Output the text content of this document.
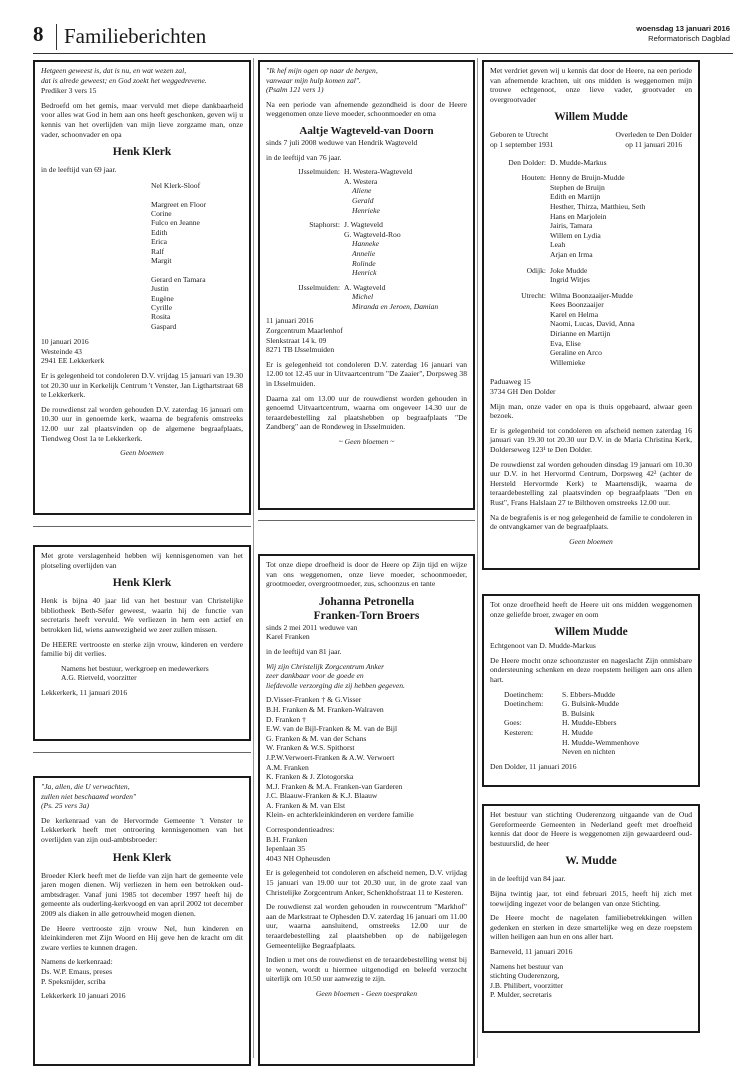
8 Familieberichten	woensdag 13 januari 2016
Reformatorisch Dagblad

Hetgeen geweest is, dat is nu, en wat wezen zal,
dat is alrede geweest; en God zoekt het weggedrevene.

Prediker 3 vers 15

Bedroefd om het gemis, maar vervuld met diepe dankbaarheid voor alles wat God in hem aan ons heeft geschonken, geven wij u kennis van het overlijden van mijn lieve zorgzame man, onze vader, schoonvader en opa

Henk Klerk

in de leeftijd van 69 jaar.

Nel Klerk-Sloof

Margreet en Floor
Corine
Fulco en Jeanne
Edith
Erica
Ralf
Margit

Gerard en Tamara
Justin
Eugène
Cyrille
Rosita
Gaspard

10 januari 2016
Westeinde 43
2941 EE Lekkerkerk

Er is gelegenheid tot condoleren D.V. vrijdag 15 januari van 19.30 tot 20.30 uur in Kerkelijk Centrum 't Venster, Jan Ligthartstraat 68 te Lekkerkerk.

De rouwdienst zal worden gehouden D.V. zaterdag 16 januari om 10.30 uur in genoemde kerk, waarna de begrafenis omstreeks 12.00 uur zal plaatsvinden op de algemene begraafplaats, Tiendweg Oost 1a te Lekkerkerk.

Geen bloemen

"Ik hef mijn ogen op naar de bergen,
vanwaar mijn hulp komen zal".

(Psalm 121 vers 1)

Na een periode van afnemende gezondheid is door de Heere weggenomen onze lieve moeder, schoonmoeder en oma

Aaltje Wagteveld-van Doorn

sinds 7 juli 2008 weduwe van Hendrik Wagteveld

in de leeftijd van 76 jaar.

IJsselmuiden: H. Westera-Wagteveld
A. Westera
Aliene
Gerald
Henrieke
Staphorst: J. Wagteveld
G. Wagteveld-Roo
Hanneke
Annelie
Rolinde
Henrick
IJsselmuiden: A. Wagteveld
Michel
Miranda en Jeroen, Damian

11 januari 2016
Zorgcentrum Maarlenhof
Slenkstraat 14 k. 09
8271 TB IJsselmuiden

Er is gelegenheid tot condoleren D.V. zaterdag 16 januari van 12.00 tot 12.45 uur in Uitvaartcentrum "De Zaaier", Dorpsweg 38 in IJsselmuiden.

Daarna zal om 13.00 uur de rouwdienst worden gehouden in genoemd Uitvaartcentrum, waarna om ongeveer 14.30 uur de teraardebestelling zal plaatshebben op begraafplaats "De Zandberg" aan de Rondeweg in IJsselmuiden.

~ Geen bloemen ~

Met verdriet geven wij u kennis dat door de Heere, na een periode van afnemende krachten, uit ons midden is weggenomen mijn trouwe echtgenoot, onze lieve vader, grootvader en overgrootvader

Willem Mudde
Geboren te Utrecht
op 1 september 1931
Overleden te Den Dolder
op 11 januari 2016
Den Dolder: D. Mudde-Markus
Houten: Henny de Bruijn-Mudde
Stephen de Bruijn
Edith en Martijn
Hesther, Thirza, Matthieu, Seth
Hans en Marjolein
Jairis, Tamara
Willem en Lydia
Leah
Arjan en Irma
Odijk: Joke Mudde
Ingrid Witjes
Utrecht: Wilma Boonzaaijer-Mudde
Kees Boonzaaijer
Karel en Helma
Naomi, Lucas, David, Anna
Dirianne en Martijn
Eva, Elise
Geraline en Arco
Willemieke

Paduaweg 15
3734 GH Den Dolder

Mijn man, onze vader en opa is thuis opgebaard, alwaar geen bezoek.

Er is gelegenheid tot condoleren en afscheid nemen zaterdag 16 januari van 19.30 tot 20.30 uur D.V. in de Maria Christina Kerk, Dolderseweg 123¹ te Den Dolder.

De rouwdienst zal worden gehouden dinsdag 19 januari om 10.30 uur D.V. in het Hervormd Centrum, Dorpsweg 42² (achter de Hersteld Hervormde Kerk) te Maartensdijk, waarna de teraardebestelling zal plaatsvinden op begraafplaats "Den en Rust", Frans Halslaan 27 te Bilthoven omstreeks 12.00 uur.

Na de begrafenis is er nog gelegenheid de familie te condoleren in de ontvangkamer van de begraafplaats.

Geen bloemen

Met grote verslagenheid hebben wij kennisgenomen van het plotseling overlijden van

Henk Klerk

Henk is bijna 40 jaar lid van het bestuur van Christelijke bibliotheek Beth-Séfer geweest, waarin hij de functie van secretaris heeft vervuld. We verliezen in hem een actief en betrokken lid, wiens aanwezigheid we zeer zullen missen.

De HEERE vertrooste en sterke zijn vrouw, kinderen en verdere familie bij dit verlies.

Namens het bestuur, werkgroep en medewerkers
A.G. Rietveld, voorzitter

Lekkerkerk, 11 januari 2016

Tot onze diepe droefheid is door de Heere op Zijn tijd en wijze van ons weggenomen, onze lieve moeder, schoonmoeder, grootmoeder, overgrootmoeder, zus, schoonzus en tante

Johanna Petronella
Franken-Torn Broers

sinds 2 mei 2011 weduwe van
Karel Franken

in de leeftijd van 81 jaar.

Wij zijn Christelijk Zorgcentrum Anker
zeer dankbaar voor de goede en
liefdevolle verzorging die zij hebben gegeven.

D.Visser-Franken † & G.Visser
B.H. Franken & M. Franken-Walraven
D. Franken †
E.W. van de Bijl-Franken & M. van de Bijl
G. Franken & M. van der Schans
W. Franken & W.S. Spithorst
J.P.W.Verwoert-Franken & A.W. Verwoert
A.M. Franken
K. Franken & J. Zlotogorska
M.J. Franken & M.A. Franken-van Garderen
J.C. Blaauw-Franken & K.J. Blaauw
A. Franken & M. van Elst
Klein- en achterkleinkinderen en verdere familie

Correspondentieadres:
B.H. Franken
Iepenlaan 35
4043 NH Opheusden

Er is gelegenheid tot condoleren en afscheid nemen, D.V. vrijdag 15 januari van 19.00 uur tot 20.30 uur, in de grote zaal van Christelijke Zorgcentrum Anker, Schenkhofstraat 11 te Kesteren.

De rouwdienst zal worden gehouden in rouwcentrum "Markhof" aan de Markstraat te Ophesden D.V. zaterdag 16 januari om 11.00 uur, waarna aansluitend, omstreeks 12.00 uur de teraardebestelling zal plaatshebben op de nabijgelegen Gemeentelijke Begraafplaats.

Indien u met ons de rouwdienst en de teraardebestelling wenst bij te wonen, wordt u hiermee uitgenodigd en beleefd verzocht uiterlijk om 10.50 uur aanwezig te zijn.

Geen bloemen - Geen toespraken

"Ja, allen, die U verwachten,
zullen niet beschaamd worden"

(Ps. 25 vers 3a)

De kerkenraad van de Hervormde Gemeente 't Venster te Lekkerkerk heeft met ontroering kennisgenomen van het overlijden van zijn oud-ambtsbroeder:

Henk Klerk

Broeder Klerk heeft met de liefde van zijn hart de gemeente vele jaren mogen dienen. Wij verliezen in hem een betrokken oud-ambtsdrager. Vanaf juni 1985 tot december 1997 heeft hij de gemeente als ouderling-kerkvoogd en van april 2002 tot december 2009 als diaken in alle getrouwheid mogen dienen.

De Heere vertrooste zijn vrouw Nel, hun kinderen en kleinkinderen met Zijn Woord en Hij geve hen de kracht om dit zware verlies te kunnen dragen.

Namens de kerkenraad:
Ds. W.P. Emaus, preses
P. Speksnijder, scriba

Lekkerkerk 10 januari 2016

Tot onze droefheid heeft de Heere uit ons midden weggenomen onze geliefde broer, zwager en oom

Willem Mudde

Echtgenoot van D. Mudde-Markus

De Heere mocht onze schoonzuster en nageslacht Zijn onmisbare ondersteuning schenken en deze roepstem heiligen aan ons allen hart.

Doetinchem:	S. Ebbers-Mudde
Doetinchem:	G. Bulsink-Mudde
B. Bulsink
Goes:	H. Mudde-Ebbers
Kesteren:	H. Mudde
H. Mudde-Wemmenhove
Neven en nichten

Den Dolder, 11 januari 2016

Het bestuur van stichting Ouderenzorg uitgaande van de Oud Gereformeerde Gemeenten in Nederland geeft met droefheid kennis dat door de Heere is weggenomen zijn gewaardeerd oud-bestuurslid, de heer

W. Mudde

in de leeftijd van 84 jaar.

Bijna twintig jaar, tot eind februari 2015, heeft hij zich met toewijding ingezet voor de belangen van onze Stichting.

De Heere mocht de nagelaten familiebetrekkingen willen gedenken en sterken in deze smartelijke weg en deze roepstem willen heiligen aan hun en ons aller hart.

Barneveld, 11 januari 2016

Namens het bestuur van
stichting Ouderenzorg,
J.B. Philibert, voorzitter
P. Mulder, secretaris
